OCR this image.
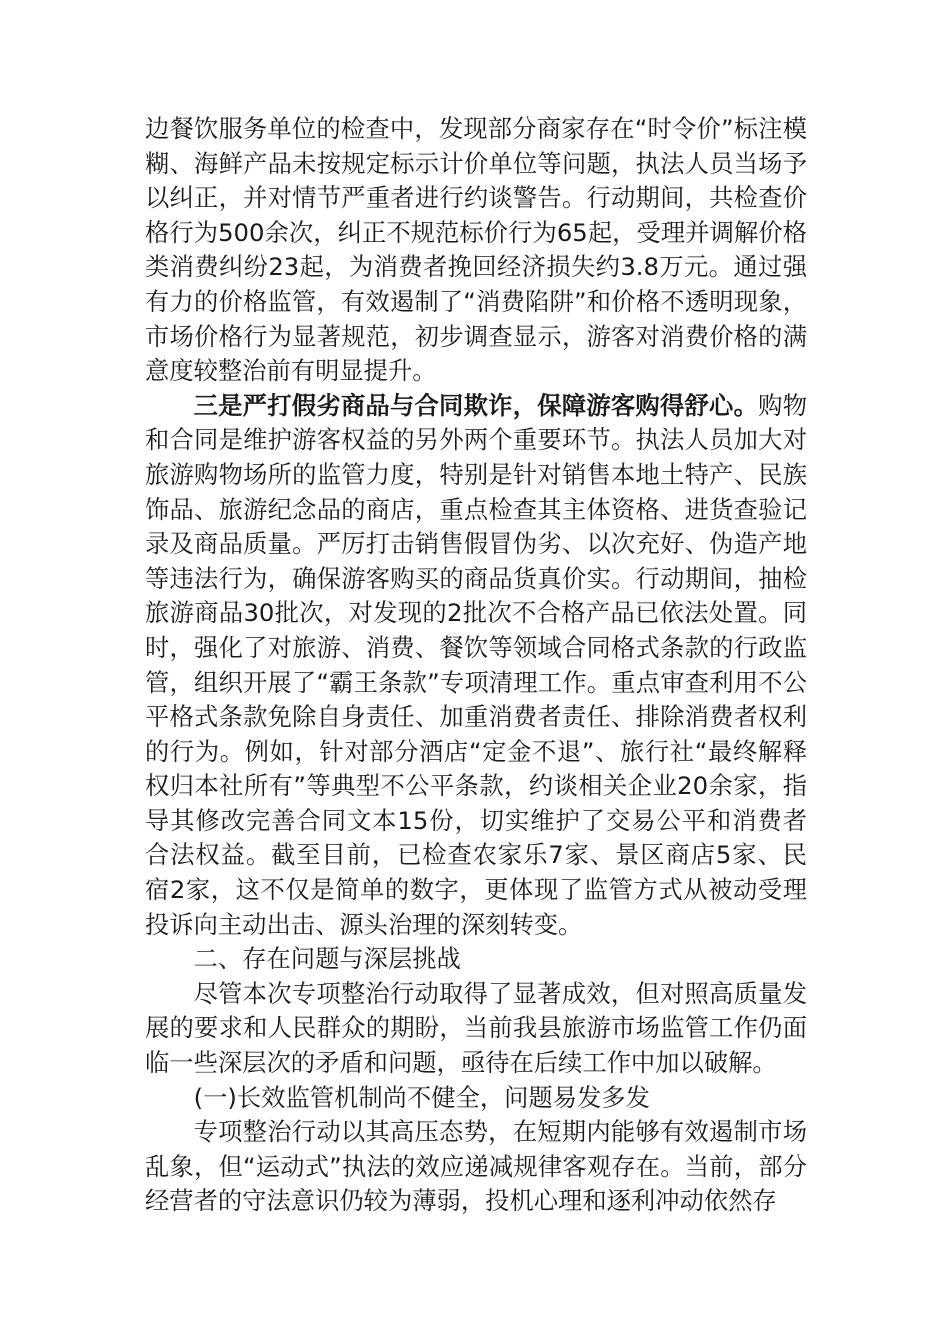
边餐饮服务单位的检查中，发现部分商家存在“时令价”标注模糊、海鲜产品未按规定标示计价单位等问题，执法人员当场予以纠正，并对情节严重者进行约谈警告。行动期间，共检查价格行为500余次，纠正不规范标价行为65起，受理并调解价格类消费纠纷23起，为消费者挽回经济损失约3.8万元。通过强有力的价格监管，有效遏制了“消费陷阱”和价格不透明现象，市场价格行为显著规范，初步调查显示，游客对消费价格的满意度较整治前有明显提升。

三是严打假劣商品与合同欺诈，保障游客购得舒心。购物和合同是维护游客权益的另外两个重要环节。执法人员加大对旅游购物场所的监管力度，特别是针对销售本地土特产、民族饰品、旅游纪念品的商店，重点检查其主体资格、进货查验记录及商品质量。严厉打击销售假冒伪劣、以次充好、伪造产地等违法行为，确保游客购买的商品货真价实。行动期间，抽检旅游商品30批次，对发现的2批次不合格产品已依法处置。同时，强化了对旅游、消费、餐饮等领域合同格式条款的行政监管，组织开展了“霸王条款”专项清理工作。重点审查利用不公平格式条款免除自身责任、加重消费者责任、排除消费者权利的行为。例如，针对部分酒店“定金不退”、旅行社“最终解释权归本社所有”等典型不公平条款，约谈相关企业20余家，指导其修改完善合同文本15份，切实维护了交易公平和消费者合法权益。截至目前，已检查农家乐7家、景区商店5家、民宿2家，这不仅是简单的数字，更体现了监管方式从被动受理投诉向主动出击、源头治理的深刻转变。

二、存在问题与深层挑战

尽管本次专项整治行动取得了显著成效，但对照高质量发展的要求和人民群众的期盼，当前我县旅游市场监管工作仍面临一些深层次的矛盾和问题，亟待在后续工作中加以破解。

(一)长效监管机制尚不健全，问题易发多发

专项整治行动以其高压态势，在短期内能够有效遏制市场乱象，但“运动式”执法的效应递减规律客观存在。当前，部分经营者的守法意识仍较为薄弱，投机心理和逐利冲动依然存
